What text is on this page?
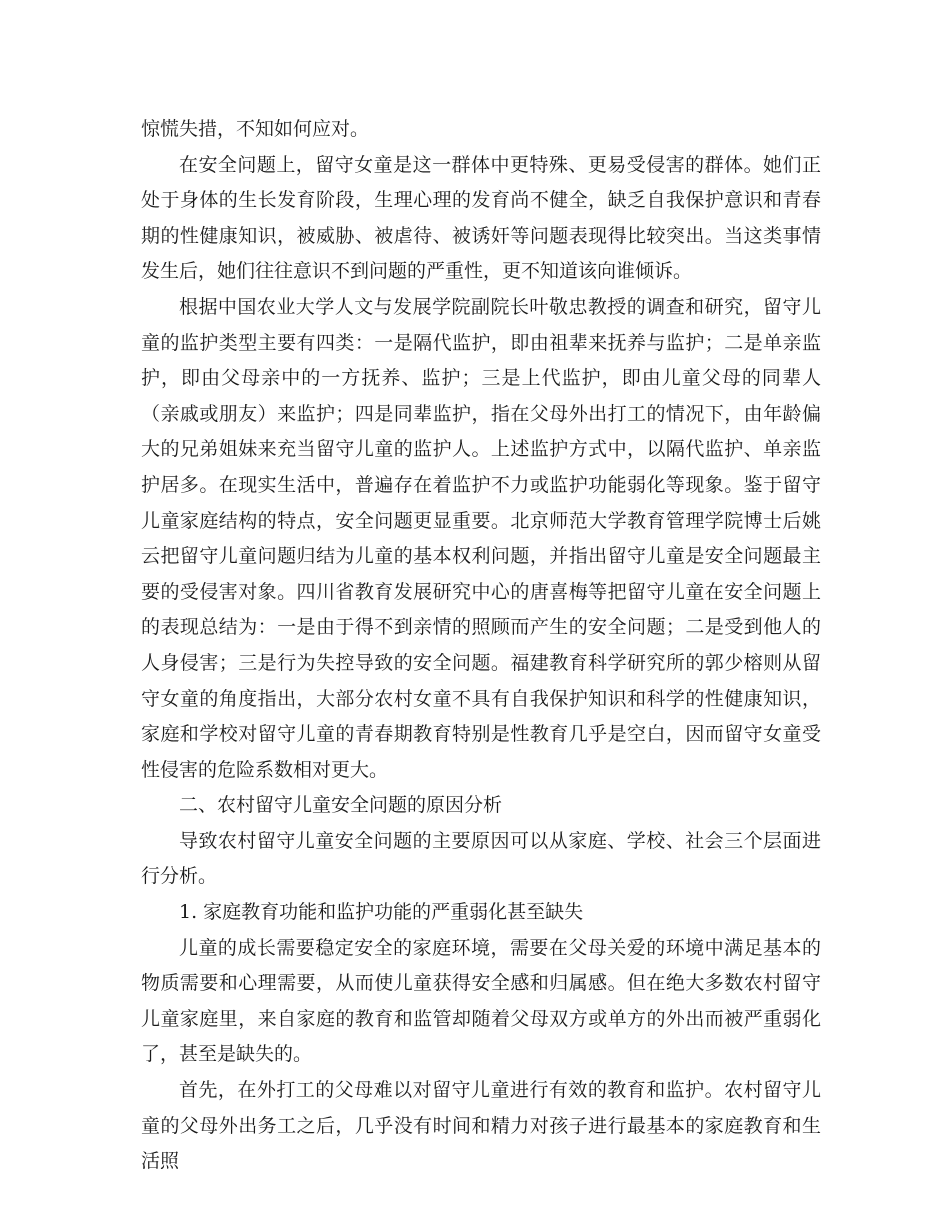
惊慌失措，不知如何应对。

在安全问题上，留守女童是这一群体中更特殊、更易受侵害的群体。她们正处于身体的生长发育阶段，生理心理的发育尚不健全，缺乏自我保护意识和青春期的性健康知识，被威胁、被虐待、被诱奸等问题表现得比较突出。当这类事情发生后，她们往往意识不到问题的严重性，更不知道该向谁倾诉。

根据中国农业大学人文与发展学院副院长叶敬忠教授的调查和研究，留守儿童的监护类型主要有四类：一是隔代监护，即由祖辈来抚养与监护；二是单亲监护，即由父母亲中的一方抚养、监护；三是上代监护，即由儿童父母的同辈人（亲戚或朋友）来监护；四是同辈监护，指在父母外出打工的情况下，由年龄偏大的兄弟姐妹来充当留守儿童的监护人。上述监护方式中，以隔代监护、单亲监护居多。在现实生活中，普遍存在着监护不力或监护功能弱化等现象。鉴于留守儿童家庭结构的特点，安全问题更显重要。北京师范大学教育管理学院博士后姚云把留守儿童问题归结为儿童的基本权利问题，并指出留守儿童是安全问题最主要的受侵害对象。四川省教育发展研究中心的唐喜梅等把留守儿童在安全问题上的表现总结为：一是由于得不到亲情的照顾而产生的安全问题；二是受到他人的人身侵害；三是行为失控导致的安全问题。福建教育科学研究所的郭少榕则从留守女童的角度指出，大部分农村女童不具有自我保护知识和科学的性健康知识，家庭和学校对留守儿童的青春期教育特别是性教育几乎是空白，因而留守女童受性侵害的危险系数相对更大。

二、农村留守儿童安全问题的原因分析

导致农村留守儿童安全问题的主要原因可以从家庭、学校、社会三个层面进行分析。

1. 家庭教育功能和监护功能的严重弱化甚至缺失

儿童的成长需要稳定安全的家庭环境，需要在父母关爱的环境中满足基本的物质需要和心理需要，从而使儿童获得安全感和归属感。但在绝大多数农村留守儿童家庭里，来自家庭的教育和监管却随着父母双方或单方的外出而被严重弱化了，甚至是缺失的。

首先，在外打工的父母难以对留守儿童进行有效的教育和监护。农村留守儿童的父母外出务工之后，几乎没有时间和精力对孩子进行最基本的家庭教育和生活照
